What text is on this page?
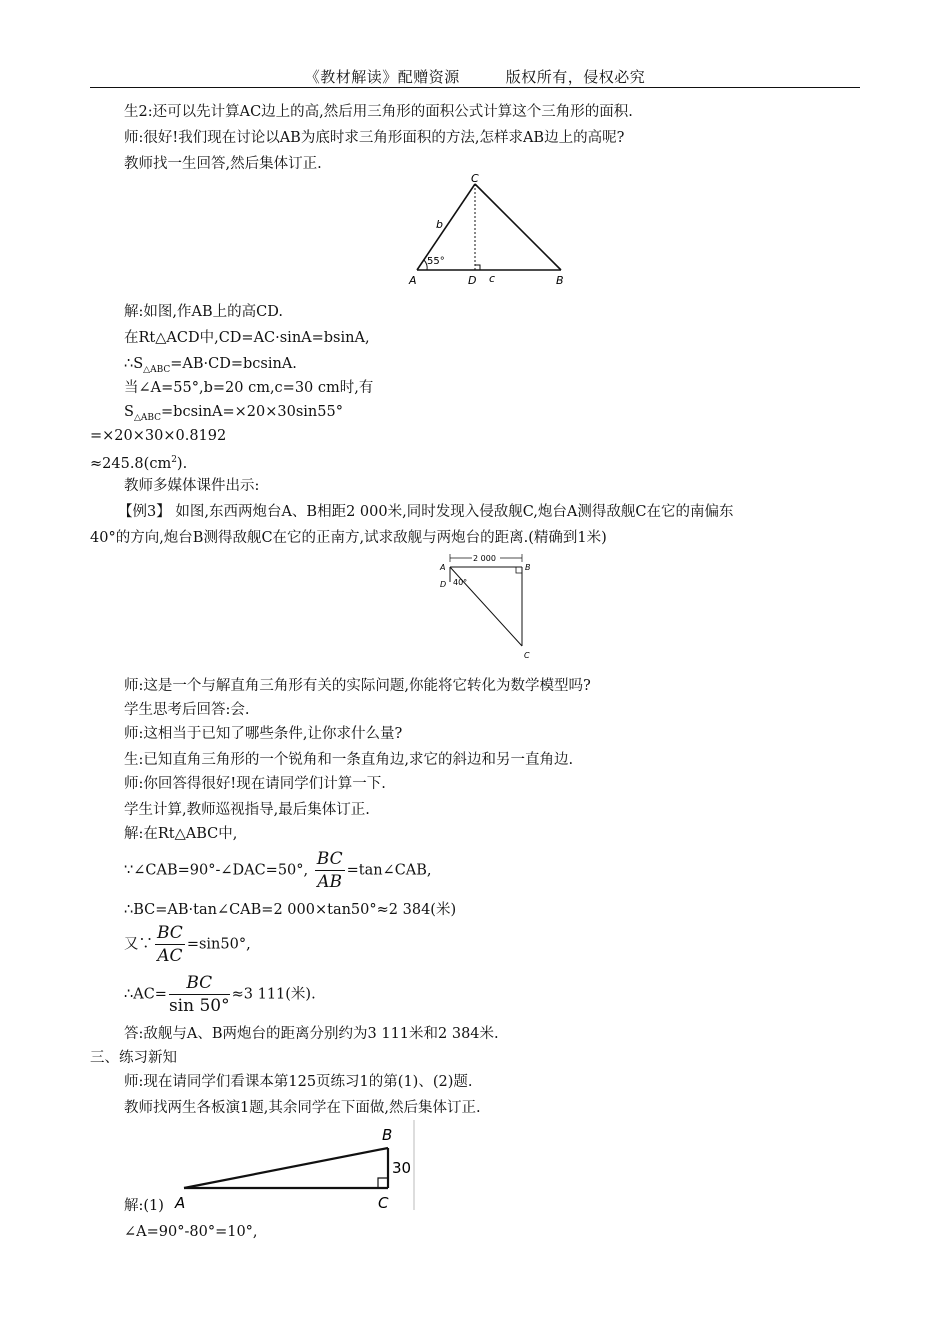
《教材解读》配赠资源	版权所有，侵权必究
生2:还可以先计算AC边上的高,然后用三角形的面积公式计算这个三角形的面积.
师:很好!我们现在讨论以AB为底时求三角形面积的方法,怎样求AB边上的高呢?
教师找一生回答,然后集体订正.
C
A	D c	B
b
55°
解:如图,作AB上的高CD.
在Rt△ACD中,CD=AC·sinA=bsinA,
$\therefore S_{\triangle ABC}=AB\cdot CD=bcsinA$.
当∠A=55°,b=20 cm,c=30 cm时,有
$S_{\triangle ABC}=bcsinA=\times 20\times 30\sin 55^\circ$
=×20×30×0.8192
$\approx 245.8(cm^2)$.
教师多媒体课件出示:
【例3】 如图,东西两炮台A、B相距2 000米,同时发现入侵敌舰C,炮台A测得敌舰C在它的南偏东
40°的方向,炮台B测得敌舰C在它的正南方,试求敌舰与两炮台的距离.(精确到1米)
2 000
A	B
D 40°
C
师:这是一个与解直角三角形有关的实际问题,你能将它转化为数学模型吗?
学生思考后回答:会.
师:这相当于已知了哪些条件,让你求什么量?
生:已知直角三角形的一个锐角和一条直角边,求它的斜边和另一直角边.
师:你回答得很好!现在请同学们计算一下.
学生计算,教师巡视指导,最后集体订正.
解:在Rt△ABC中,
∵∠CAB=90°-∠DAC=50°, $\frac{BC}{AB}$ =tan∠CAB,
∴BC=AB·tan∠CAB=2 000×tan50°≈2 384(米)
又∵ $\frac{BC}{AC} =\sin 50^\circ$,
∴AC= $\frac{BC}{\sin 50^\circ} \approx 3$ 111(米).
答:敌舰与A、B两炮台的距离分别约为3 111米和2 384米.
三、练习新知
师:现在请同学们看课本第125页练习1的第(1)、(2)题.
教师找两生各板演1题,其余同学在下面做,然后集体订正.
B
A	C
30
解:(1)
∠A=90°-80°=10°,
